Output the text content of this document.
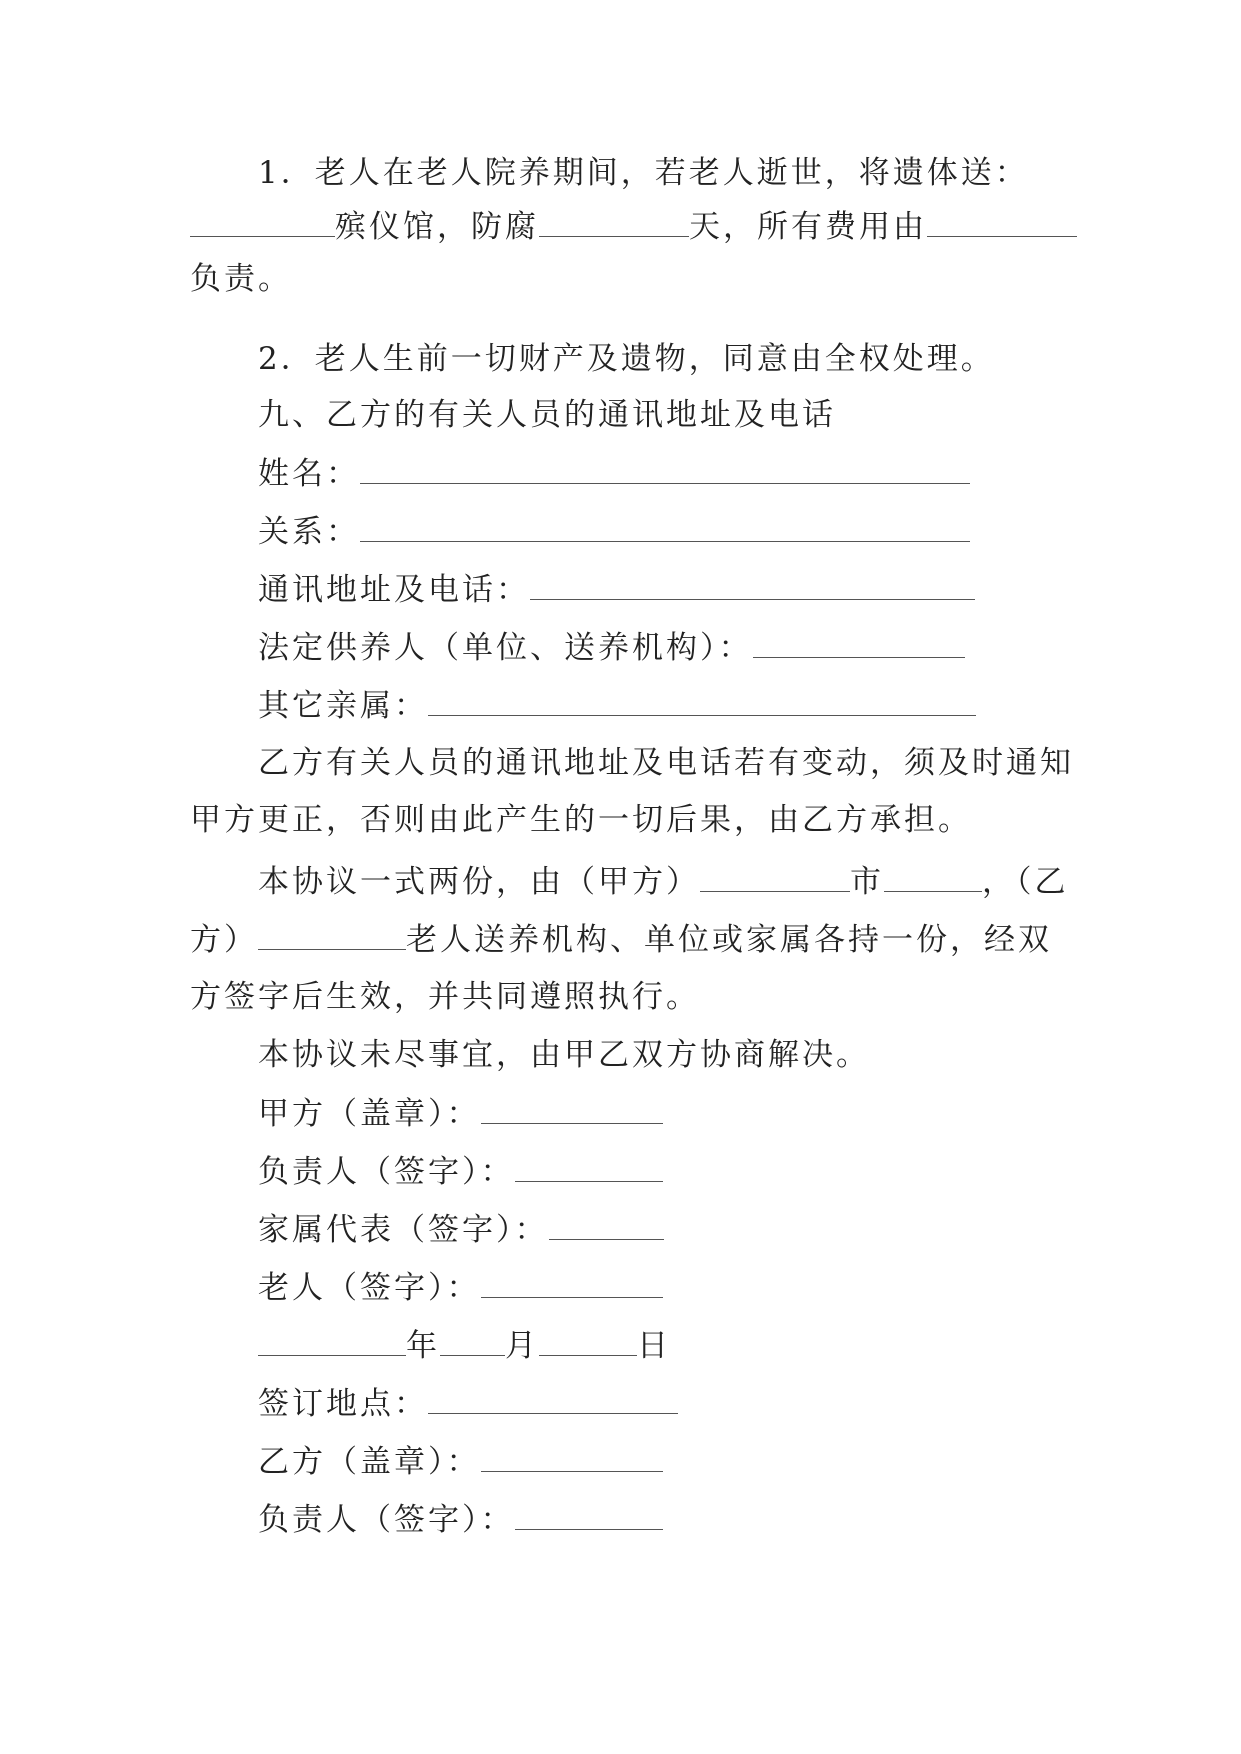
1．老人在老人院养期间，若老人逝世，将遗体送：
殡仪馆，防腐	天，所有费用由
负责。
2．老人生前一切财产及遗物，同意由全权处理。
九、乙方的有关人员的通讯地址及电话
姓名：
关系：
通讯地址及电话：
法定供养人（单位、送养机构）：
其它亲属：
乙方有关人员的通讯地址及电话若有变动，须及时通知
甲方更正，否则由此产生的一切后果，由乙方承担。
本协议一式两份，由（甲方）	市	，（乙
方）	老人送养机构、单位或家属各持一份，经双
方签字后生效，并共同遵照执行。
本协议未尽事宜，由甲乙双方协商解决。
甲方（盖章）：
负责人（签字）：
家属代表（签字）：
老人（签字）：
年 月	日
签订地点：
乙方（盖章）：
负责人（签字）：
